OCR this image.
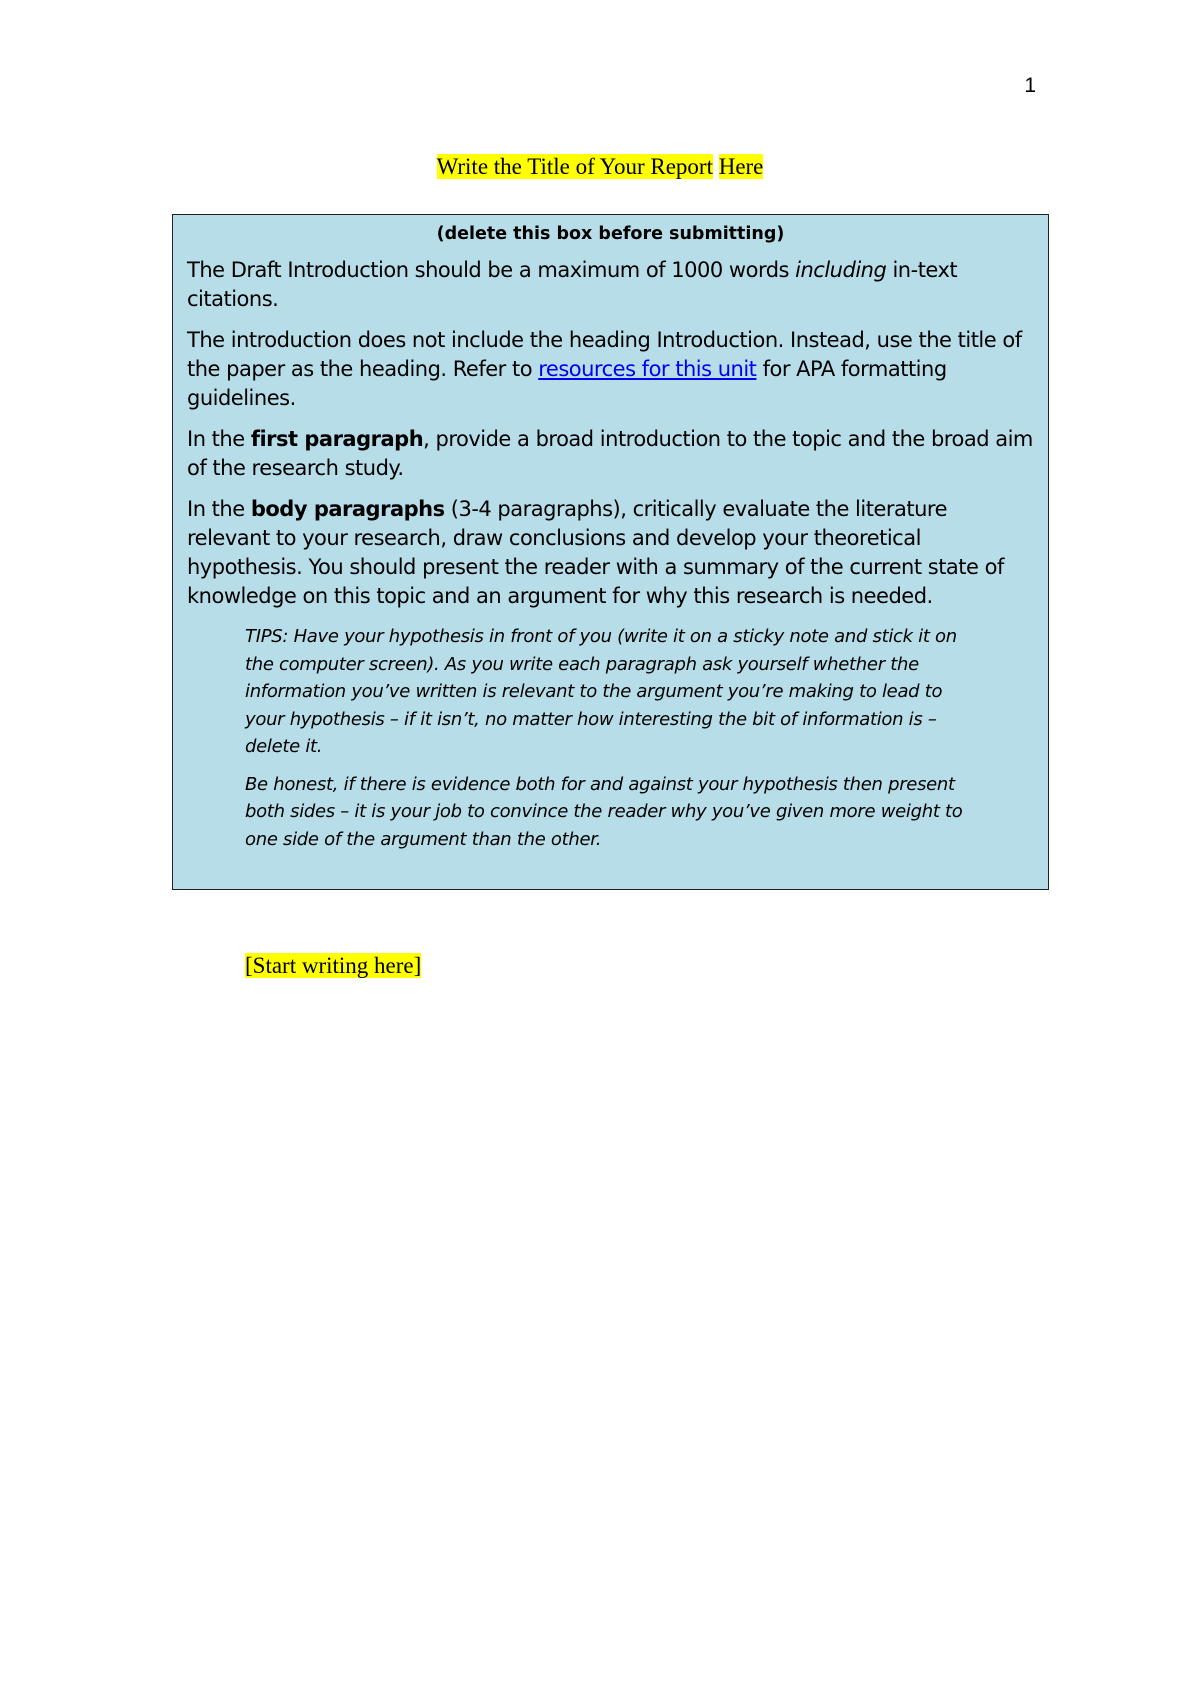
1
Write the Title of Your Report Here

(delete this box before submitting)

The Draft Introduction should be a maximum of 1000 words including in-text citations.

The introduction does not include the heading Introduction. Instead, use the title of the paper as the heading. Refer to resources for this unit for APA formatting guidelines.

In the first paragraph, provide a broad introduction to the topic and the broad aim of the research study.

In the body paragraphs (3-4 paragraphs), critically evaluate the literature relevant to your research, draw conclusions and develop your theoretical hypothesis. You should present the reader with a summary of the current state of knowledge on this topic and an argument for why this research is needed.

TIPS: Have your hypothesis in front of you (write it on a sticky note and stick it on the computer screen). As you write each paragraph ask yourself whether the information you’ve written is relevant to the argument you’re making to lead to your hypothesis – if it isn’t, no matter how interesting the bit of information is – delete it.

Be honest, if there is evidence both for and against your hypothesis then present both sides – it is your job to convince the reader why you’ve given more weight to one side of the argument than the other.

[Start writing here]
